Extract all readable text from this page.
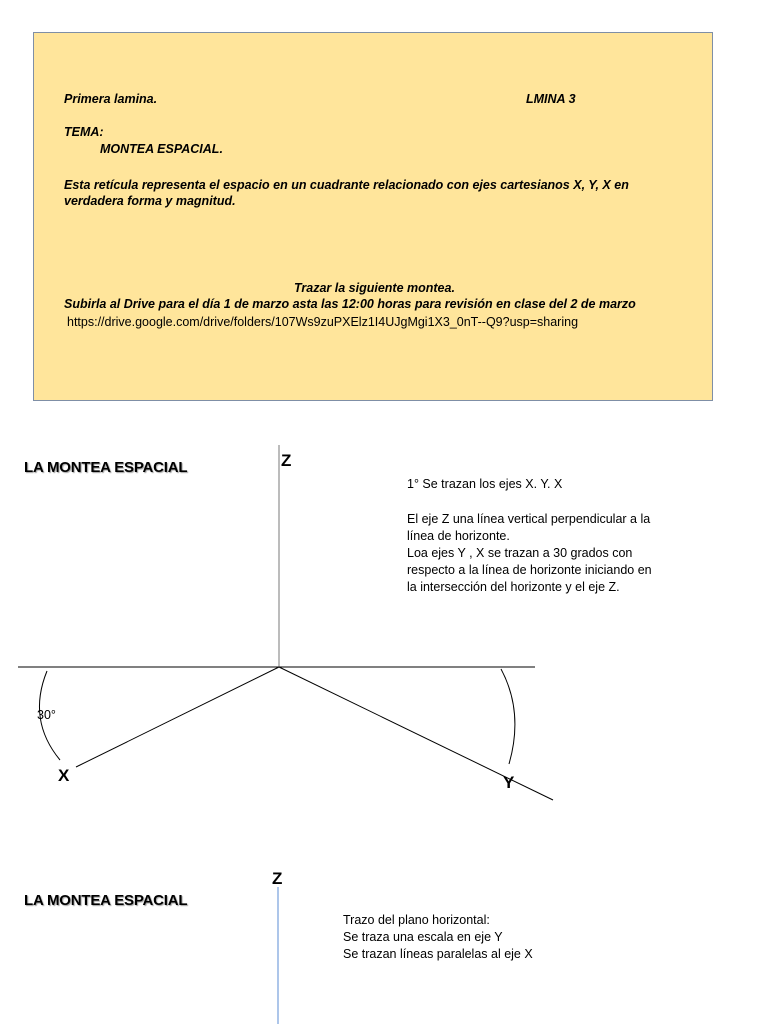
Primera lamina.	LMINA 3
TEMA:
MONTEA ESPACIAL.
Esta retícula representa el espacio en un cuadrante relacionado con ejes cartesianos X, Y, X en
verdadera forma y magnitud.
Trazar la siguiente montea.
Subirla al Drive para el día 1 de marzo asta las 12:00 horas para revisión en clase del 2 de marzo
https://drive.google.com/drive/folders/107Ws9zuPXElz1I4UJgMgi1X3_0nT--Q9?usp=sharing
LA MONTEA ESPACIAL	Z
X	Y
30°
1° Se trazan los ejes X. Y. X
El eje Z una línea vertical perpendicular a la
línea de horizonte.
Loa ejes Y , X se trazan a 30 grados con
respecto a la línea de horizonte iniciando en
la intersección del horizonte y el eje Z.
LA MONTEA ESPACIAL
Z
Trazo del plano horizontal:
Se traza una escala en eje Y
Se trazan líneas paralelas al eje X
